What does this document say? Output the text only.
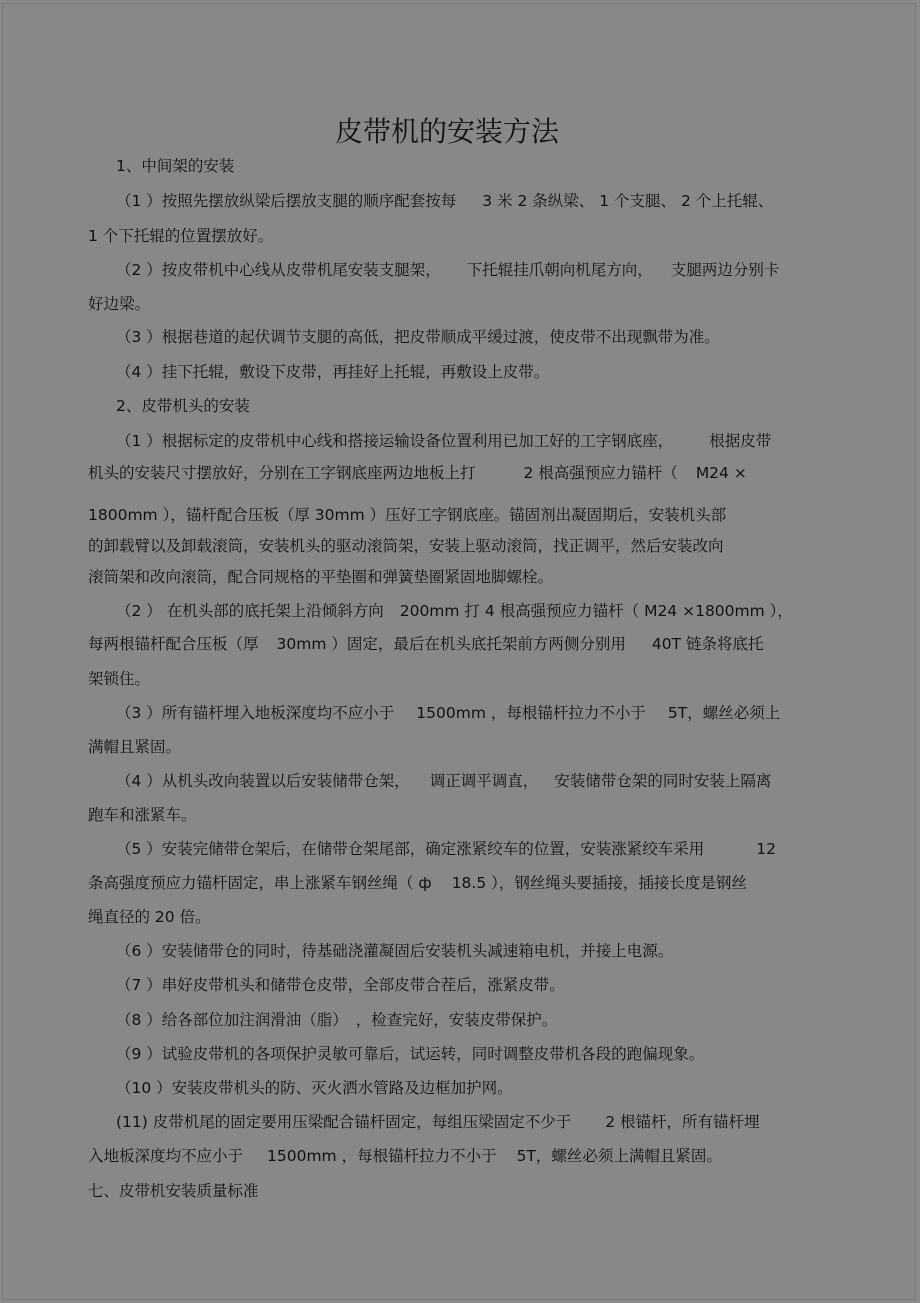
皮带机的安装方法
1、中间架的安装
（1 ）按照先摆放纵梁后摆放支腿的顺序配套按每 3 米 2 条纵梁、 1 个支腿、 2 个上托辊、
1 个下托辊的位置摆放好。
（2 ）按皮带机中心线从皮带机尾安装支腿架， 下托辊挂爪朝向机尾方向， 支腿两边分别卡
好边梁。
（3 ）根据巷道的起伏调节支腿的高低，把皮带顺成平缓过渡，使皮带不出现飘带为准。
（4 ）挂下托辊，敷设下皮带，再挂好上托辊，再敷设上皮带。
2、皮带机头的安装
（1 ）根据标定的皮带机中心线和搭接运输设备位置利用已加工好的工字钢底座， 根据皮带
机头的安装尺寸摆放好，分别在工字钢底座两边地板上打	2 根高强预应力锚杆（ M24 ×
1800mm ），锚杆配合压板（厚 30mm ）压好工字钢底座。锚固剂出凝固期后，安装机头部
的卸载臂以及卸载滚筒，安装机头的驱动滚筒架，安装上驱动滚筒，找正调平，然后安装改向
滚筒架和改向滚筒，配合同规格的平垫圈和弹簧垫圈紧固地脚螺栓。
（2 ） 在机头部的底托架上沿倾斜方向 200mm 打 4 根高强预应力锚杆（ M24 ×1800mm ），
每两根锚杆配合压板（厚 30mm ）固定，最后在机头底托架前方两侧分别用 40T 链条将底托
架锁住。
（3 ）所有锚杆埋入地板深度均不应小于 1500mm ，每根锚杆拉力不小于 5T，螺丝必须上
满帽且紧固。
（4 ）从机头改向装置以后安装储带仓架， 调正调平调直， 安装储带仓架的同时安装上隔离
跑车和涨紧车。
（5 ）安装完储带仓架后，在储带仓架尾部，确定涨紧绞车的位置，安装涨紧绞车采用	12
条高强度预应力锚杆固定，串上涨紧车钢丝绳（ ф 18.5 ），钢丝绳头要插接，插接长度是钢丝
绳直径的 20 倍。
（6 ）安装储带仓的同时，待基础浇灌凝固后安装机头减速箱电机，并接上电源。
（7 ）串好皮带机头和储带仓皮带，全部皮带合茬后，涨紧皮带。
（8 ）给各部位加注润滑油（脂） ，检查完好，安装皮带保护。
（9 ）试验皮带机的各项保护灵敏可靠后，试运转，同时调整皮带机各段的跑偏现象。
（10 ）安装皮带机头的防、灭火洒水管路及边框加护网。
(11) 皮带机尾的固定要用压梁配合锚杆固定，每组压梁固定不少于 2 根锚杆，所有锚杆埋
入地板深度均不应小于 1500mm ，每根锚杆拉力不小于 5T，螺丝必须上满帽且紧固。
七、皮带机安装质量标准
